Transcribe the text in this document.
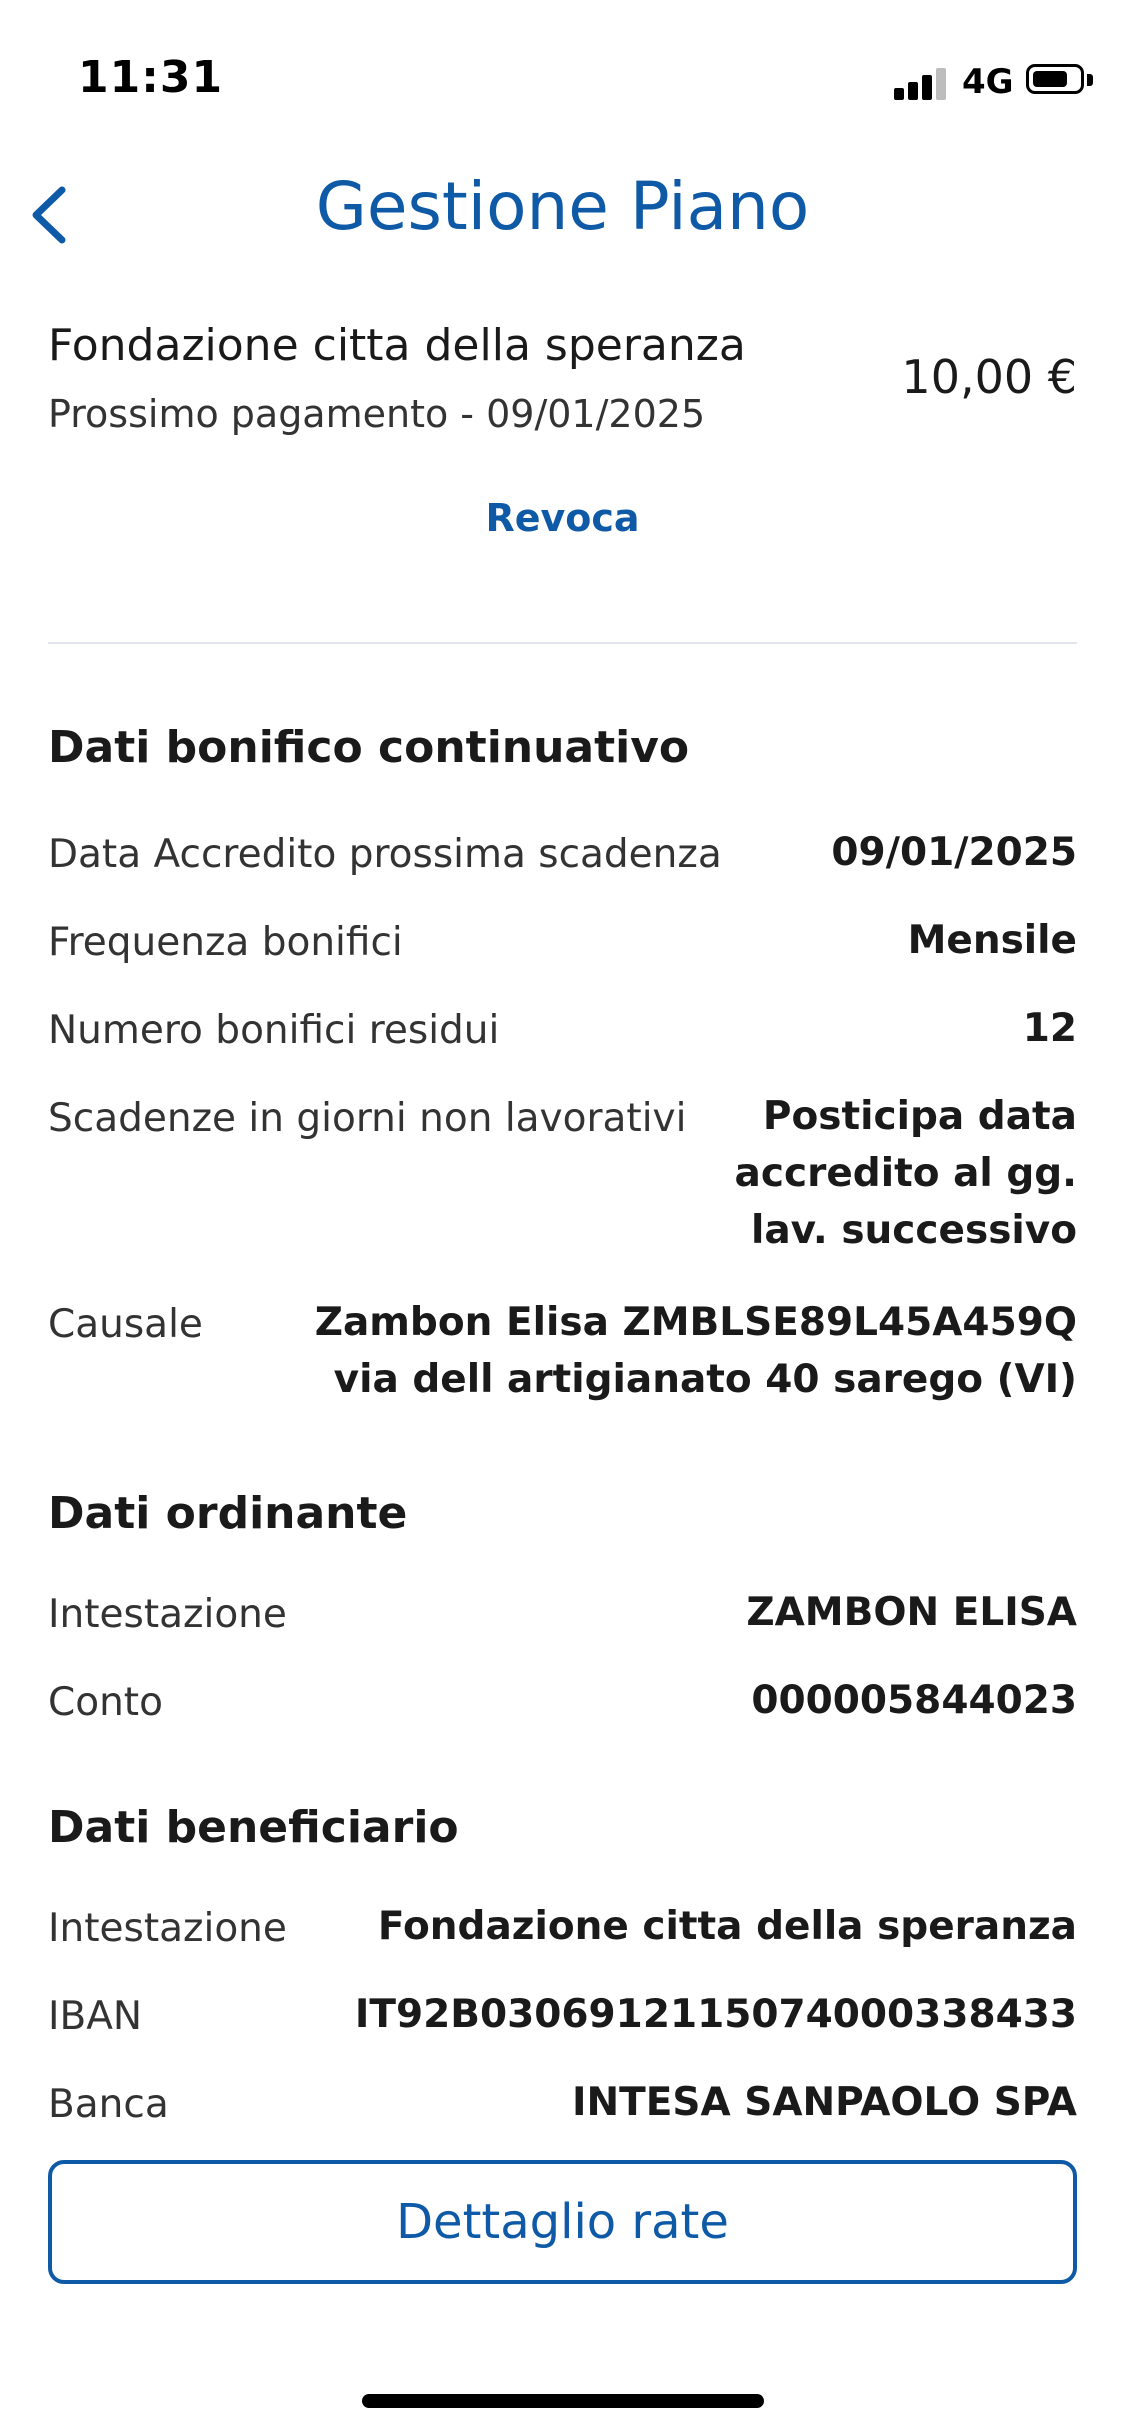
11:31	4G
Gestione Piano
Fondazione citta della speranza
Prossimo pagamento - 09/01/2025
10,00 €
Revoca
Dati bonifico continuativo
Data Accredito prossima scadenza	09/01/2025
Frequenza bonifici	Mensile
Numero bonifici residui	12
Scadenze in giorni non lavorativi	Posticipa data accredito al gg. lav. successivo
Causale	Zambon Elisa ZMBLSE89L45A459Q via dell artigianato 40 sarego (VI)
Dati ordinante
Intestazione	ZAMBON ELISA
Conto	000005844023
Dati beneficiario
Intestazione Fondazione citta della speranza
IBAN	IT92B0306912115074000338433
Banca	INTESA SANPAOLO SPA
Dettaglio rate
